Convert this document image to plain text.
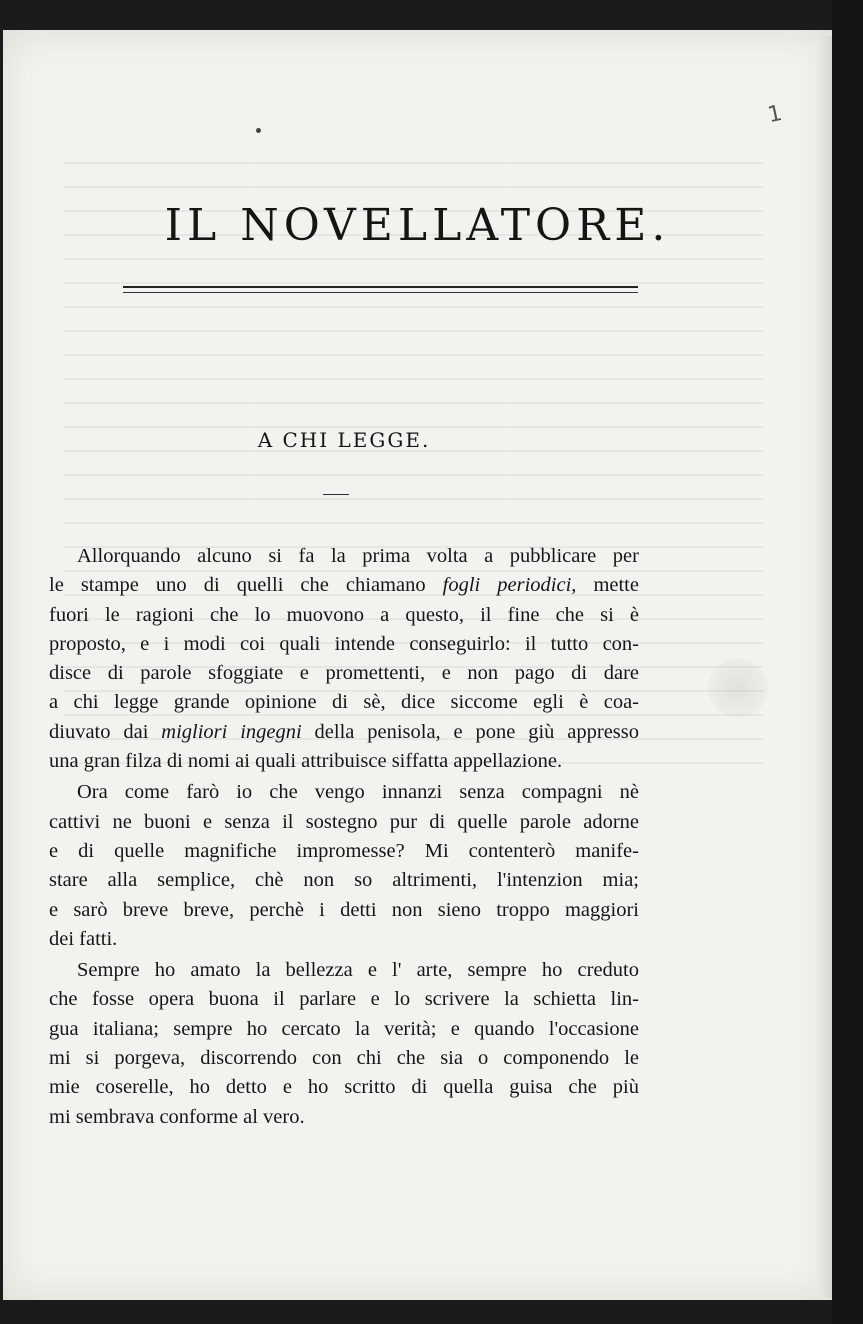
1
IL NOVELLATORE.
A CHI LEGGE.

Allorquando alcuno si fa la prima volta a pubblicare per
le stampe uno di quelli che chiamano fogli periodici, mette
fuori le ragioni che lo muovono a questo, il fine che si è
proposto, e i modi coi quali intende conseguirlo: il tutto con-
disce di parole sfoggiate e promettenti, e non pago di dare
a chi legge grande opinione di sè, dice siccome egli è coa-
diuvato dai migliori ingegni della penisola, e pone giù appresso
una gran filza di nomi ai quali attribuisce siffatta appellazione.

Ora come farò io che vengo innanzi senza compagni nè
cattivi ne buoni e senza il sostegno pur di quelle parole adorne
e di quelle magnifiche impromesse? Mi contenterò manife-
stare alla semplice, chè non so altrimenti, l'intenzion mia;
e sarò breve breve, perchè i detti non sieno troppo maggiori
dei fatti.

Sempre ho amato la bellezza e l' arte, sempre ho creduto
che fosse opera buona il parlare e lo scrivere la schietta lin-
gua italiana; sempre ho cercato la verità; e quando l'occasione
mi si porgeva, discorrendo con chi che sia o componendo le
mie coserelle, ho detto e ho scritto di quella guisa che più
mi sembrava conforme al vero.
